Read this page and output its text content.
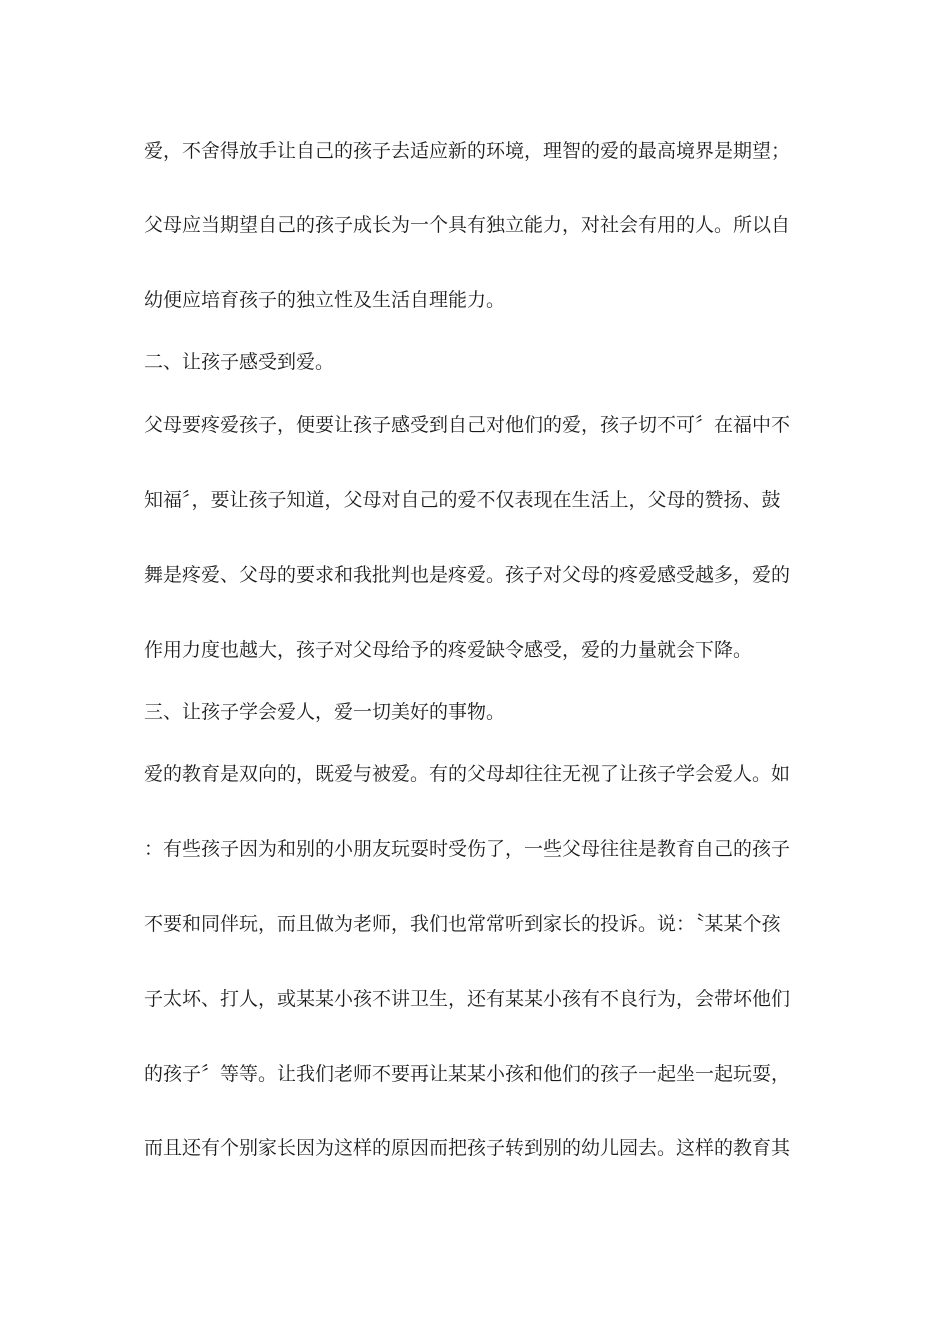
爱，不舍得放手让自己的孩子去适应新的环境，理智的爱的最高境界是期望；
父母应当期望自己的孩子成长为一个具有独立能力，对社会有用的人。所以自
幼便应培育孩子的独立性及生活自理能力。
二、让孩子感受到爱。
父母要疼爱孩子，便要让孩子感受到自己对他们的爱，孩子切不可〞在福中不
知福〞，要让孩子知道，父母对自己的爱不仅表现在生活上，父母的赞扬、鼓
舞是疼爱、父母的要求和我批判也是疼爱。孩子对父母的疼爱感受越多，爱的
作用力度也越大，孩子对父母给予的疼爱缺令感受，爱的力量就会下降。
三、让孩子学会爱人，爱一切美好的事物。
爱的教育是双向的，既爱与被爱。有的父母却往往无视了让孩子学会爱人。如
：有些孩子因为和别的小朋友玩耍时受伤了，一些父母往往是教育自己的孩子
不要和同伴玩，而且做为老师，我们也常常听到家长的投诉。说：〝某某个孩
子太坏、打人，或某某小孩不讲卫生，还有某某小孩有不良行为，会带坏他们
的孩子〞等等。让我们老师不要再让某某小孩和他们的孩子一起坐一起玩耍，
而且还有个别家长因为这样的原因而把孩子转到别的幼儿园去。这样的教育其
